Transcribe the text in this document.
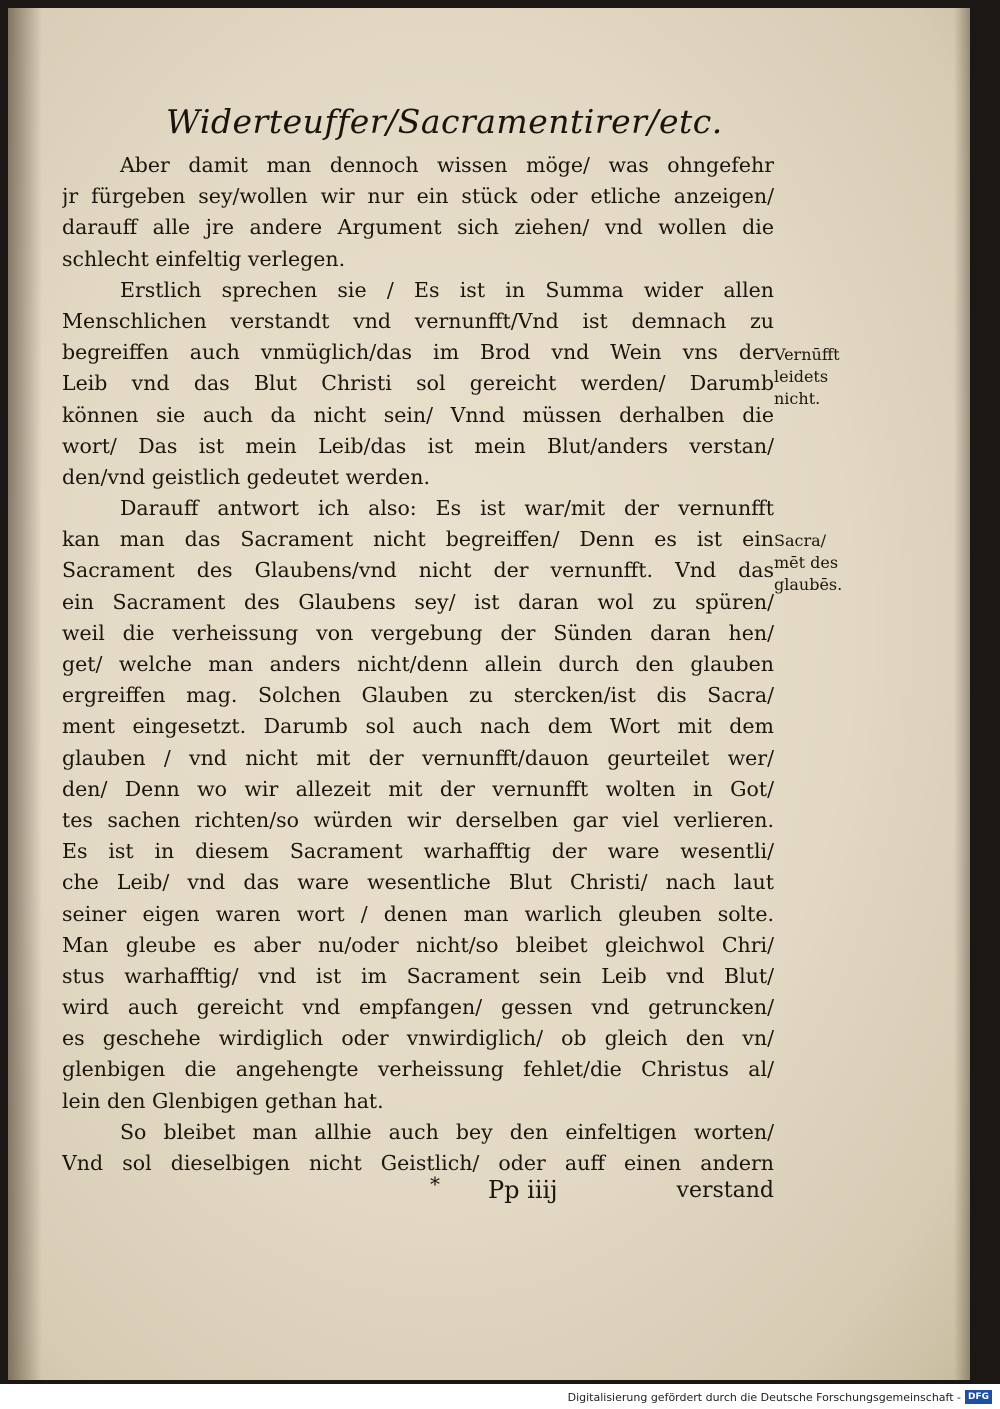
Widerteuffer/Sacramentirer/etc.
Aber damit man dennoch wissen möge/ was ohngefehr
jr fürgeben sey/wollen wir nur ein stück oder etliche anzeigen/
darauff alle jre andere Argument sich ziehen/ vnd wollen die
schlecht einfeltig verlegen.
Erstlich sprechen sie / Es ist in Summa wider allen
Menschlichen verstandt vnd vernunfft/Vnd ist demnach zu
begreiffen auch vnmüglich/das im Brod vnd Wein vns der
Leib vnd das Blut Christi sol gereicht werden/ Darumb
können sie auch da nicht sein/ Vnnd müssen derhalben die
wort/ Das ist mein Leib/das ist mein Blut/anders verstan/
den/vnd geistlich gedeutet werden.
Darauff antwort ich also: Es ist war/mit der vernunfft
kan man das Sacrament nicht begreiffen/ Denn es ist ein
Sacrament des Glaubens/vnd nicht der vernunfft. Vnd das
ein Sacrament des Glaubens sey/ ist daran wol zu spüren/
weil die verheissung von vergebung der Sünden daran hen/
get/ welche man anders nicht/denn allein durch den glauben
ergreiffen mag. Solchen Glauben zu stercken/ist dis Sacra/
ment eingesetzt. Darumb sol auch nach dem Wort mit dem
glauben / vnd nicht mit der vernunfft/dauon geurteilet wer/
den/ Denn wo wir allezeit mit der vernunfft wolten in Got/
tes sachen richten/so würden wir derselben gar viel verlieren.
Es ist in diesem Sacrament warhafftig der ware wesentli/
che Leib/ vnd das ware wesentliche Blut Christi/ nach laut
seiner eigen waren wort / denen man warlich gleuben solte.
Man gleube es aber nu/oder nicht/so bleibet gleichwol Chri/
stus warhafftig/ vnd ist im Sacrament sein Leib vnd Blut/
wird auch gereicht vnd empfangen/ gessen vnd getruncken/
es geschehe wirdiglich oder vnwirdiglich/ ob gleich den vn/
glenbigen die angehengte verheissung fehlet/die Christus al/
lein den Glenbigen gethan hat.
So bleibet man allhie auch bey den einfeltigen worten/
Vnd sol dieselbigen nicht Geistlich/ oder auff einen andern
Vernūfft
leidets
nicht.
Sacra/
mēt des
glaubēs.
* Pp iiij	verstand
Digitalisierung gefördert durch die Deutsche Forschungsgemeinschaft - DFG
